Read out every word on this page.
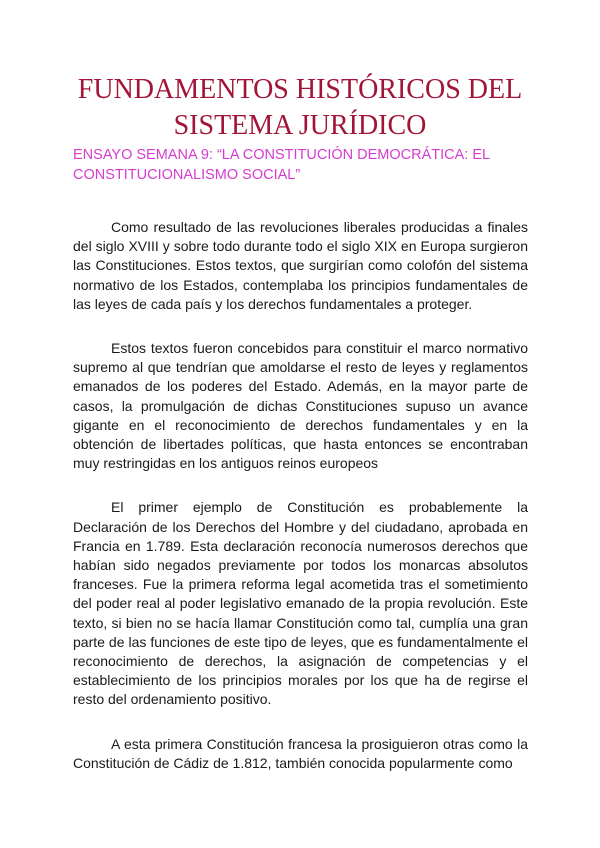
FUNDAMENTOS HISTÓRICOS DEL SISTEMA JURÍDICO

ENSAYO SEMANA 9: “LA CONSTITUCIÓN DEMOCRÁTICA: EL CONSTITUCIONALISMO SOCIAL”

Como resultado de las revoluciones liberales producidas a finales del siglo XVIII y sobre todo durante todo el siglo XIX en Europa surgieron las Constituciones. Estos textos, que surgirían como colofón del sistema normativo de los Estados, contemplaba los principios fundamentales de las leyes de cada país y los derechos fundamentales a proteger.

Estos textos fueron concebidos para constituir el marco normativo supremo al que tendrían que amoldarse el resto de leyes y reglamentos emanados de los poderes del Estado. Además, en la mayor parte de casos, la promulgación de dichas Constituciones supuso un avance gigante en el reconocimiento de derechos fundamentales y en la obtención de libertades políticas, que hasta entonces se encontraban muy restringidas en los antiguos reinos europeos

El primer ejemplo de Constitución es probablemente la Declaración de los Derechos del Hombre y del ciudadano, aprobada en Francia en 1.789. Esta declaración reconocía numerosos derechos que habían sido negados previamente por todos los monarcas absolutos franceses. Fue la primera reforma legal acometida tras el sometimiento del poder real al poder legislativo emanado de la propia revolución. Este texto, si bien no se hacía llamar Constitución como tal, cumplía una gran parte de las funciones de este tipo de leyes, que es fundamentalmente el reconocimiento de derechos, la asignación de competencias y el establecimiento de los principios morales por los que ha de regirse el resto del ordenamiento positivo.

A esta primera Constitución francesa la prosiguieron otras como la Constitución de Cádiz de 1.812, también conocida popularmente como
